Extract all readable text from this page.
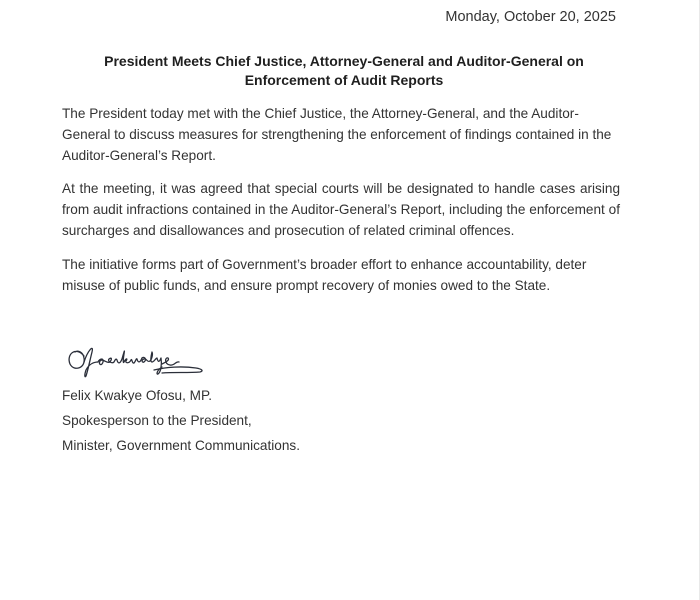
Monday, October 20, 2025
President Meets Chief Justice, Attorney-General and Auditor-General on Enforcement of Audit Reports

The President today met with the Chief Justice, the Attorney-General, and the Auditor-General to discuss measures for strengthening the enforcement of findings contained in the Auditor-General’s Report.

At the meeting, it was agreed that special courts will be designated to handle cases arising from audit infractions contained in the Auditor-General’s Report, including the enforcement of surcharges and disallowances and prosecution of related criminal offences.

The initiative forms part of Government’s broader effort to enhance accountability, deter misuse of public funds, and ensure prompt recovery of monies owed to the State.

Felix Kwakye Ofosu, MP.
Spokesperson to the President,
Minister, Government Communications.
